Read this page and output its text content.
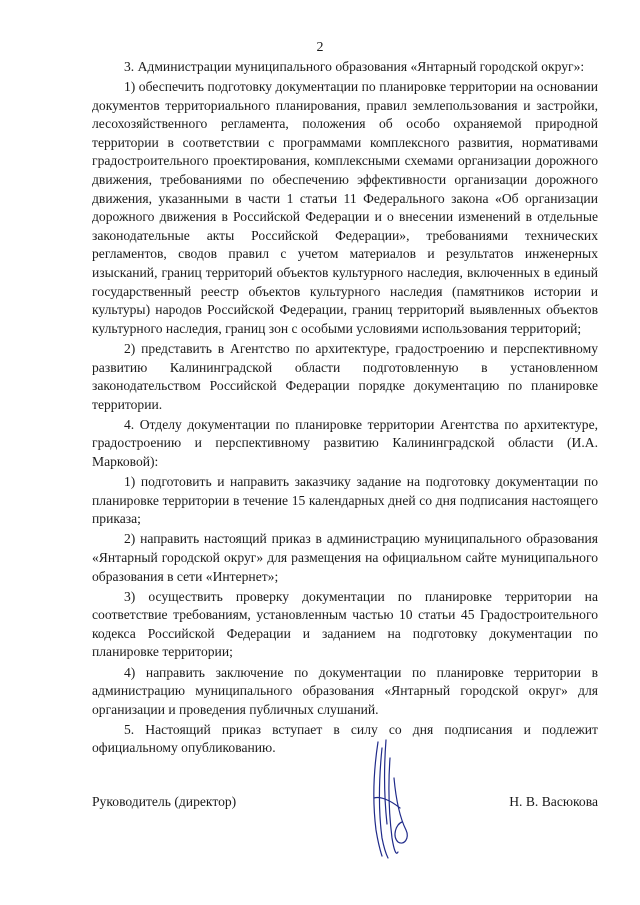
2

3. Администрации муниципального образования «Янтарный городской округ»:

1) обеспечить подготовку документации по планировке территории на основании документов территориального планирования, правил землепользования и застройки, лесохозяйственного регламента, положения об особо охраняемой природной территории в соответствии с программами комплексного развития, нормативами градостроительного проектирования, комплексными схемами организации дорожного движения, требованиями по обеспечению эффективности организации дорожного движения, указанными в части 1 статьи 11 Федерального закона «Об организации дорожного движения в Российской Федерации и о внесении изменений в отдельные законодательные акты Российской Федерации», требованиями технических регламентов, сводов правил с учетом материалов и результатов инженерных изысканий, границ территорий объектов культурного наследия, включенных в единый государственный реестр объектов культурного наследия (памятников истории и культуры) народов Российской Федерации, границ территорий выявленных объектов культурного наследия, границ зон с особыми условиями использования территорий;

2) представить в Агентство по архитектуре, градостроению и перспективному развитию Калининградской области подготовленную в установленном законодательством Российской Федерации порядке документацию по планировке территории.

4. Отделу документации по планировке территории Агентства по архитектуре, градостроению и перспективному развитию Калининградской области (И.А. Марковой):

1) подготовить и направить заказчику задание на подготовку документации по планировке территории в течение 15 календарных дней со дня подписания настоящего приказа;

2) направить настоящий приказ в администрацию муниципального образования «Янтарный городской округ» для размещения на официальном сайте муниципального образования в сети «Интернет»;

3) осуществить проверку документации по планировке территории на соответствие требованиям, установленным частью 10 статьи 45 Градостроительного кодекса Российской Федерации и заданием на подготовку документации по планировке территории;

4) направить заключение по документации по планировке территории в администрацию муниципального образования «Янтарный городской округ» для организации и проведения публичных слушаний.

5. Настоящий приказ вступает в силу со дня подписания и подлежит официальному опубликованию.

Руководитель (директор)	Н. В. Васюкова
